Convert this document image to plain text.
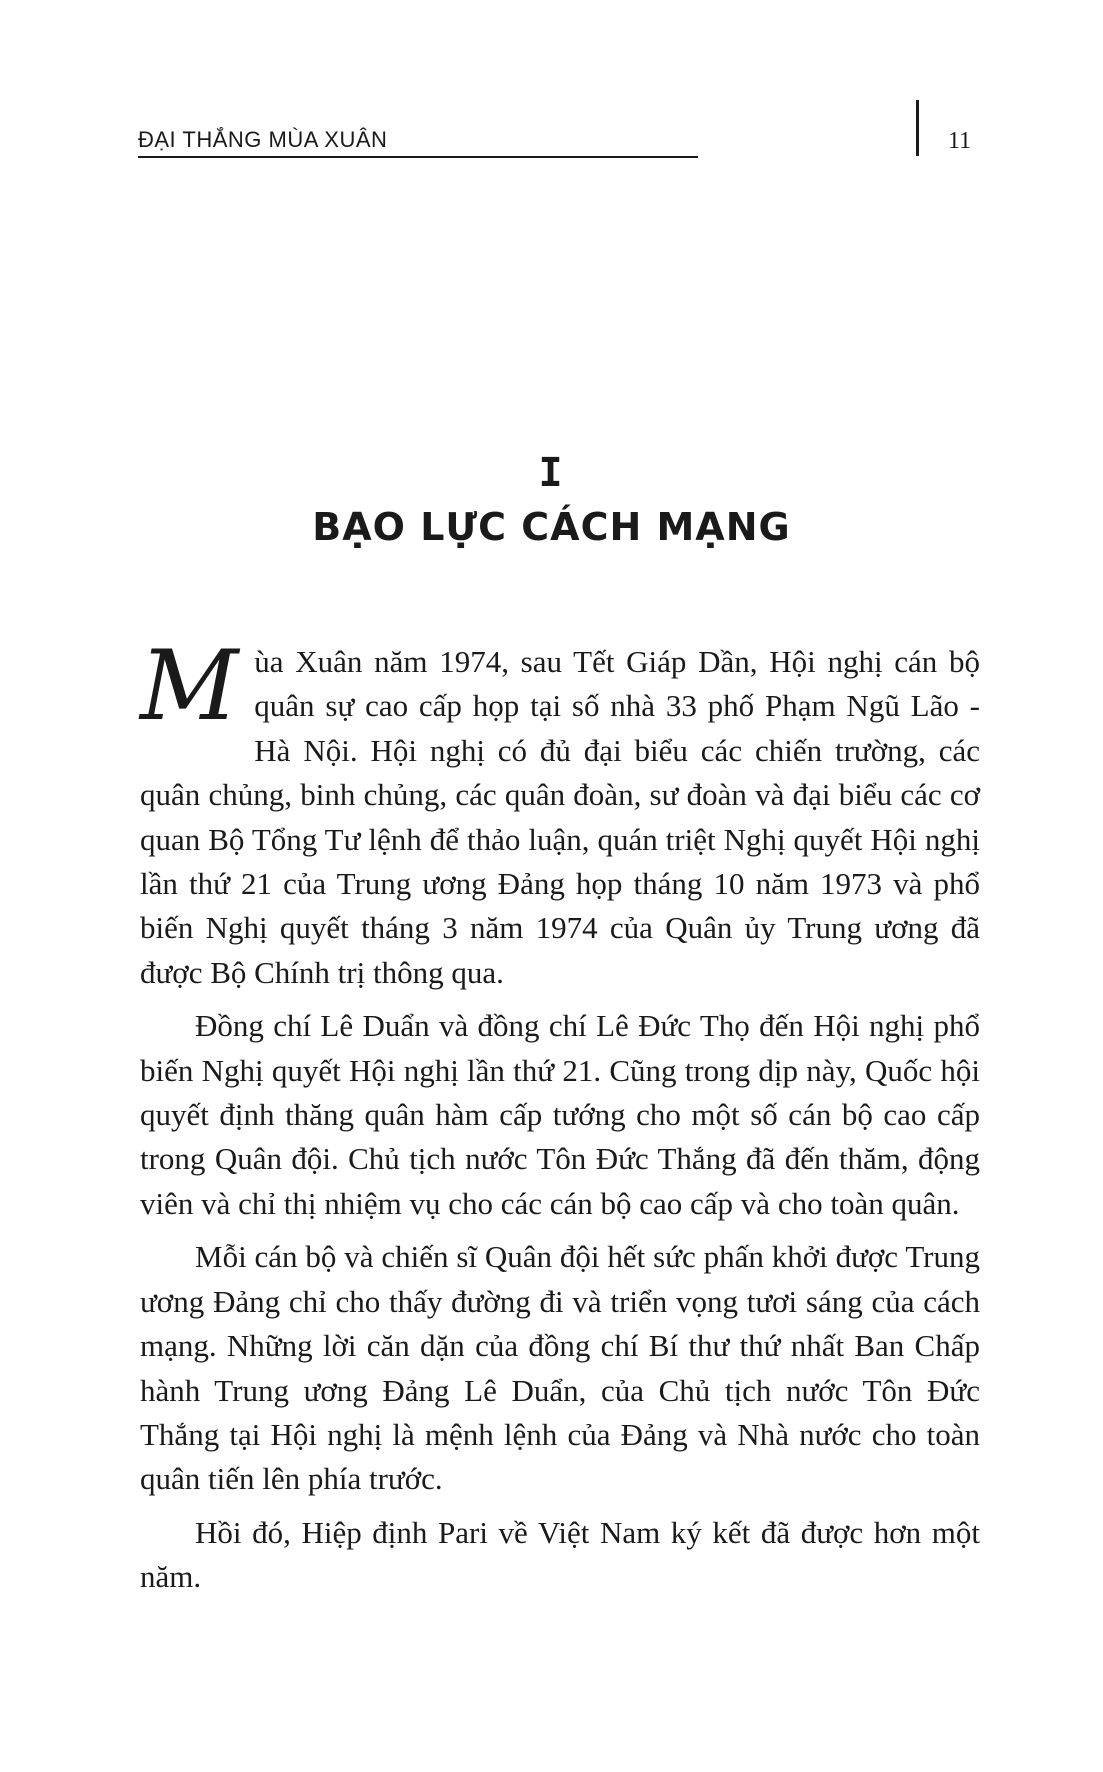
ĐẠI THẮNG MÙA XUÂN	11
I
BẠO LỰC CÁCH MẠNG

Mùa Xuân năm 1974, sau Tết Giáp Dần, Hội nghị cán bộ quân sự cao cấp họp tại số nhà 33 phố Phạm Ngũ Lão - Hà Nội. Hội nghị có đủ đại biểu các chiến trường, các quân chủng, binh chủng, các quân đoàn, sư đoàn và đại biểu các cơ quan Bộ Tổng Tư lệnh để thảo luận, quán triệt Nghị quyết Hội nghị lần thứ 21 của Trung ương Đảng họp tháng 10 năm 1973 và phổ biến Nghị quyết tháng 3 năm 1974 của Quân ủy Trung ương đã được Bộ Chính trị thông qua.

Đồng chí Lê Duẩn và đồng chí Lê Đức Thọ đến Hội nghị phổ biến Nghị quyết Hội nghị lần thứ 21. Cũng trong dịp này, Quốc hội quyết định thăng quân hàm cấp tướng cho một số cán bộ cao cấp trong Quân đội. Chủ tịch nước Tôn Đức Thắng đã đến thăm, động viên và chỉ thị nhiệm vụ cho các cán bộ cao cấp và cho toàn quân.

Mỗi cán bộ và chiến sĩ Quân đội hết sức phấn khởi được Trung ương Đảng chỉ cho thấy đường đi và triển vọng tươi sáng của cách mạng. Những lời căn dặn của đồng chí Bí thư thứ nhất Ban Chấp hành Trung ương Đảng Lê Duẩn, của Chủ tịch nước Tôn Đức Thắng tại Hội nghị là mệnh lệnh của Đảng và Nhà nước cho toàn quân tiến lên phía trước.

Hồi đó, Hiệp định Pari về Việt Nam ký kết đã được hơn một năm.
